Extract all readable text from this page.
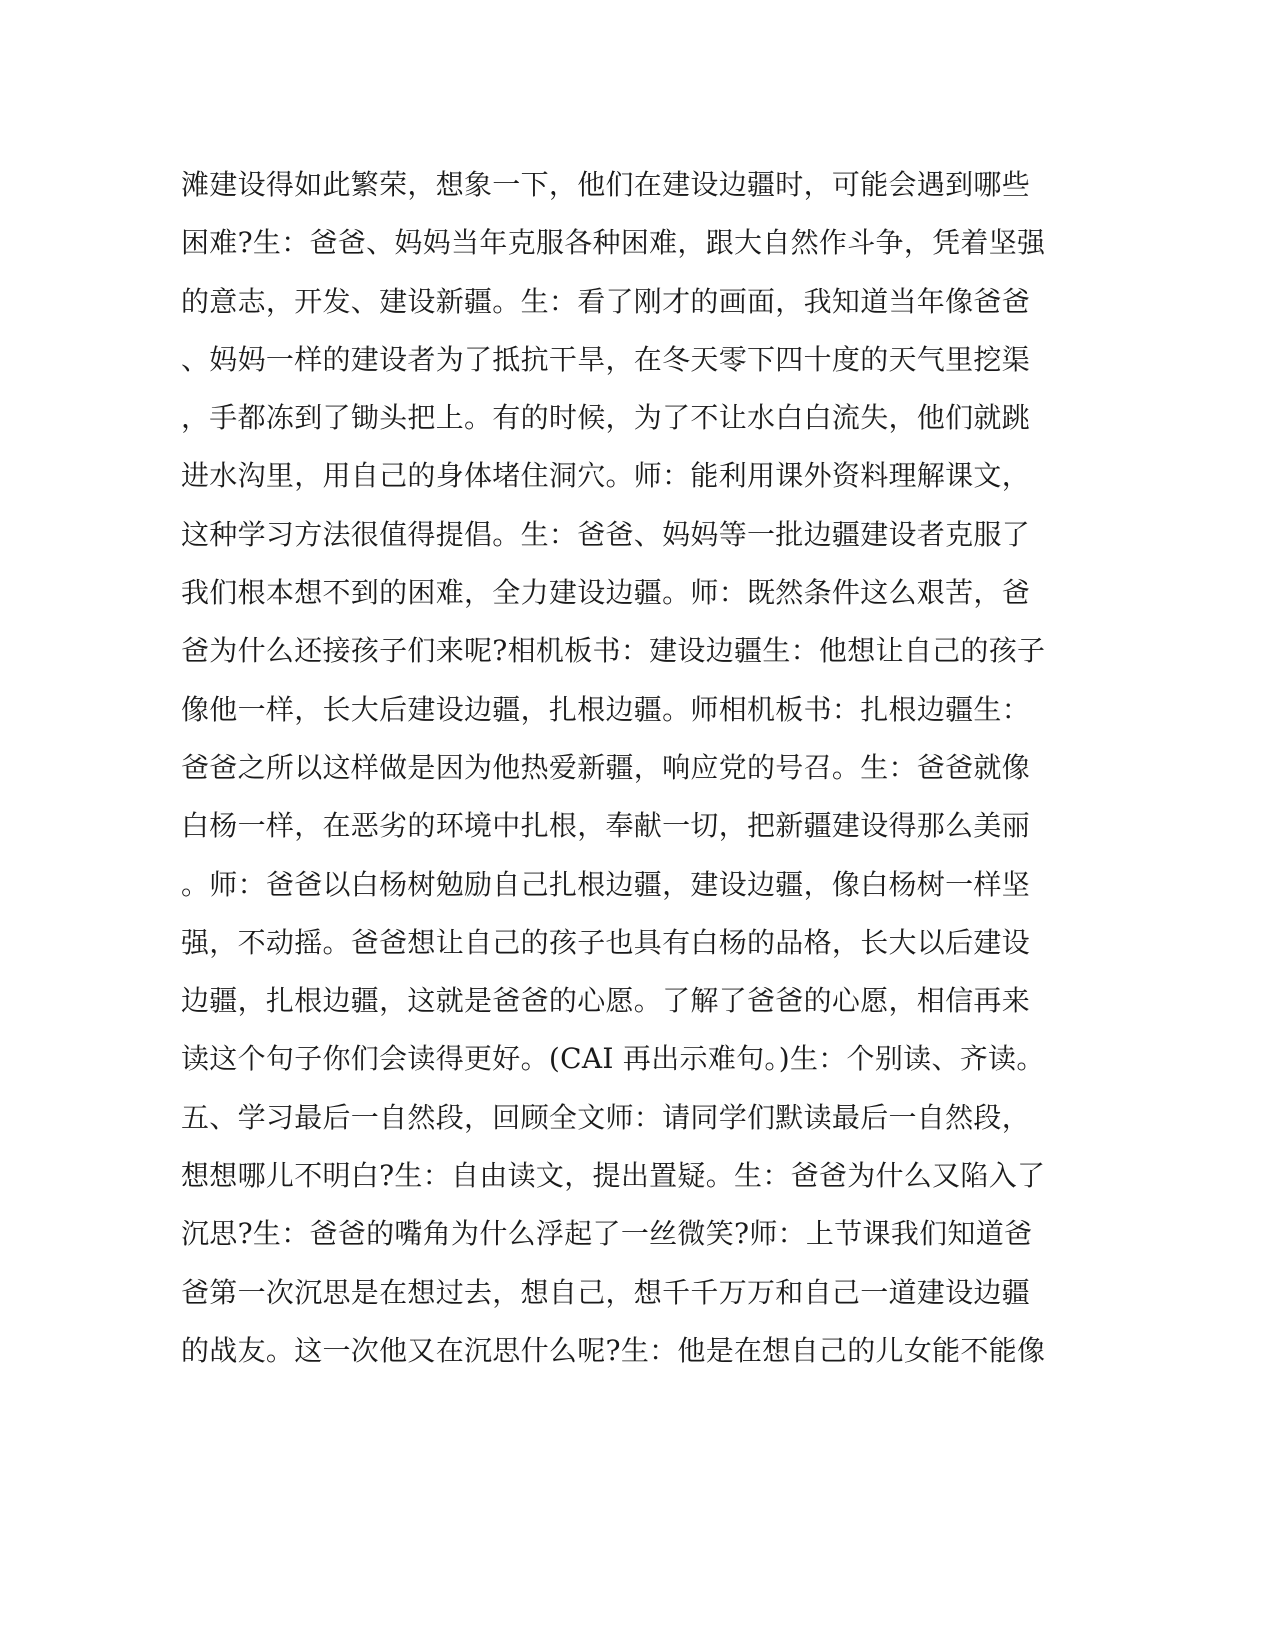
滩建设得如此繁荣，想象一下，他们在建设边疆时，可能会遇到哪些
困难?生：爸爸、妈妈当年克服各种困难，跟大自然作斗争，凭着坚强
的意志，开发、建设新疆。生：看了刚才的画面，我知道当年像爸爸
、妈妈一样的建设者为了抵抗干旱，在冬天零下四十度的天气里挖渠
，手都冻到了锄头把上。有的时候，为了不让水白白流失，他们就跳
进水沟里，用自己的身体堵住洞穴。师：能利用课外资料理解课文，
这种学习方法很值得提倡。生：爸爸、妈妈等一批边疆建设者克服了
我们根本想不到的困难，全力建设边疆。师：既然条件这么艰苦，爸
爸为什么还接孩子们来呢?相机板书：建设边疆生：他想让自己的孩子
像他一样，长大后建设边疆，扎根边疆。师相机板书：扎根边疆生：
爸爸之所以这样做是因为他热爱新疆，响应党的号召。生：爸爸就像
白杨一样，在恶劣的环境中扎根，奉献一切，把新疆建设得那么美丽
。师：爸爸以白杨树勉励自己扎根边疆，建设边疆，像白杨树一样坚
强，不动摇。爸爸想让自己的孩子也具有白杨的品格，长大以后建设
边疆，扎根边疆，这就是爸爸的心愿。了解了爸爸的心愿，相信再来
读这个句子你们会读得更好。(CAI 再出示难句。)生：个别读、齐读。
五、学习最后一自然段，回顾全文师：请同学们默读最后一自然段，
想想哪儿不明白?生：自由读文，提出置疑。生：爸爸为什么又陷入了
沉思?生：爸爸的嘴角为什么浮起了一丝微笑?师：上节课我们知道爸
爸第一次沉思是在想过去，想自己，想千千万万和自己一道建设边疆
的战友。这一次他又在沉思什么呢?生：他是在想自己的儿女能不能像
